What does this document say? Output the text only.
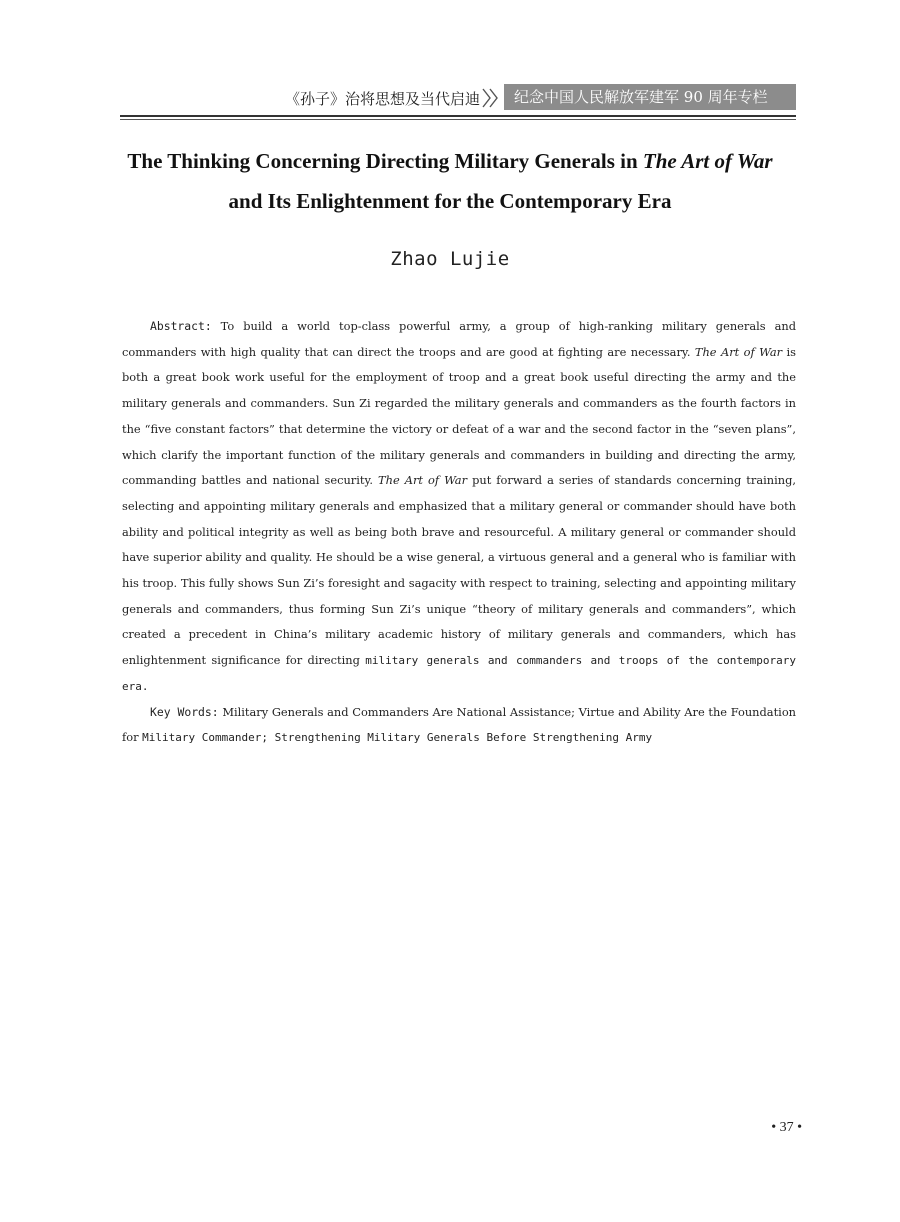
《孙子》治将思想及当代启迪	纪念中国人民解放军建军 90 周年专栏
The Thinking Concerning Directing Military Generals in The Art of War
and Its Enlightenment for the Contemporary Era
Zhao Lujie

Abstract: To build a world top-class powerful army, a group of high-ranking military generals and commanders with high quality that can direct the troops and are good at fighting are necessary. The Art of War is both a great book work useful for the employment of troop and a great book useful directing the army and the military generals and commanders. Sun Zi regarded the military generals and commanders as the fourth factors in the “five constant factors” that determine the victory or defeat of a war and the second factor in the “seven plans”, which clarify the important function of the military generals and commanders in building and directing the army, commanding battles and national security. The Art of War put forward a series of standards concerning training, selecting and appointing military generals and emphasized that a military general or commander should have both ability and political integrity as well as being both brave and resourceful. A military general or commander should have superior ability and quality. He should be a wise general, a virtuous general and a general who is familiar with his troop. This fully shows Sun Zi’s foresight and sagacity with respect to training, selecting and appointing military generals and commanders, thus forming Sun Zi’s unique “theory of military generals and commanders”, which created a precedent in China’s military academic history of military generals and commanders, which has enlightenment significance for directing military generals and commanders and troops of the contemporary era.

Key Words: Military Generals and Commanders Are National Assistance; Virtue and Ability Are the Foundation for Military Commander; Strengthening Military Generals Before Strengthening Army

• 37 •
